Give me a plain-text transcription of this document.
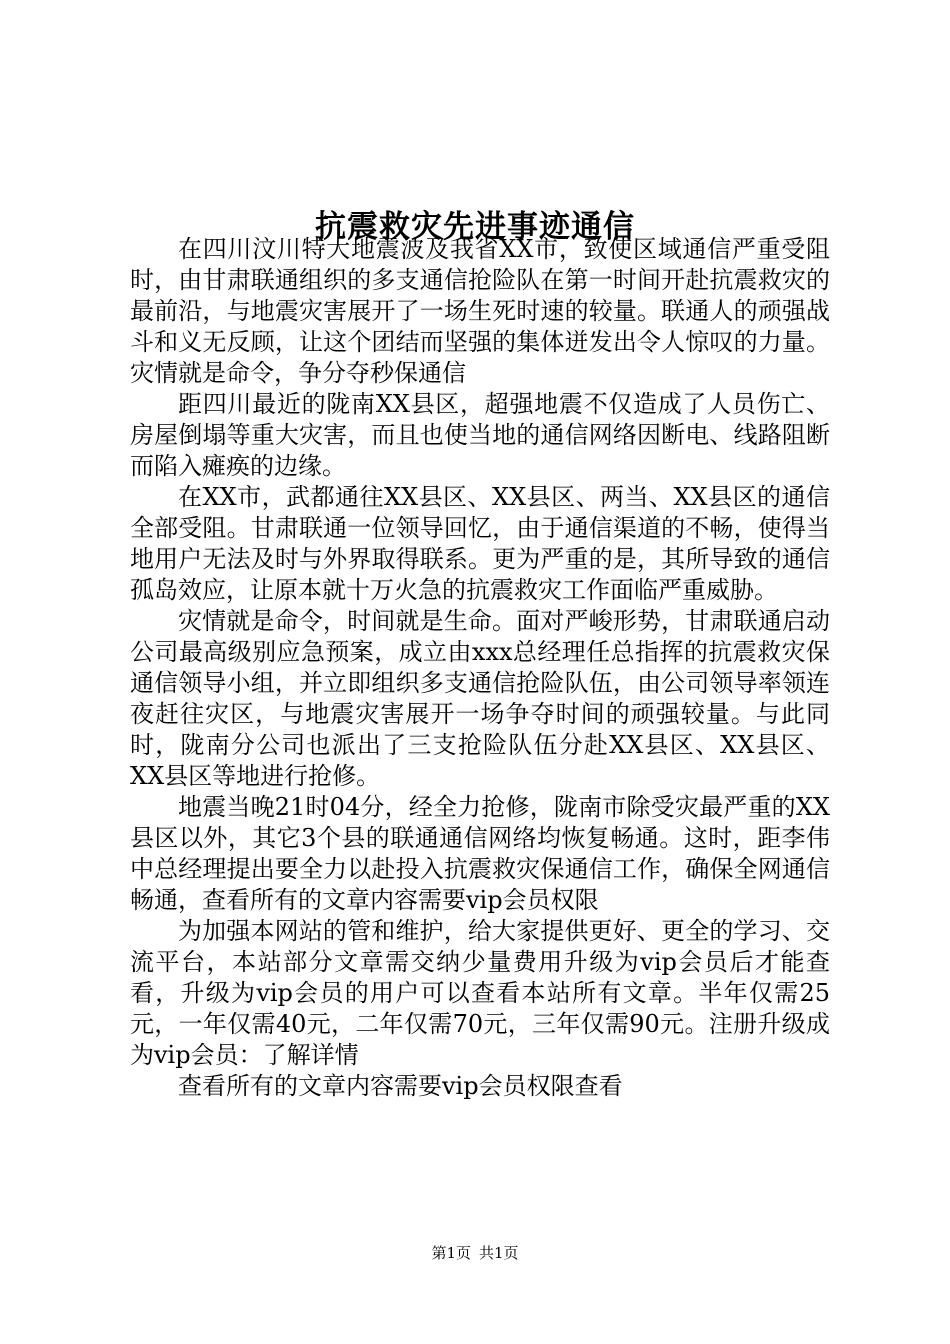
抗震救灾先进事迹通信

在四川汶川特大地震波及我省XX市，致使区域通信严重受阻时，由甘肃联通组织的多支通信抢险队在第一时间开赴抗震救灾的最前沿，与地震灾害展开了一场生死时速的较量。联通人的顽强战斗和义无反顾，让这个团结而坚强的集体迸发出令人惊叹的力量。灾情就是命令，争分夺秒保通信

距四川最近的陇南XX县区，超强地震不仅造成了人员伤亡、房屋倒塌等重大灾害，而且也使当地的通信网络因断电、线路阻断而陷入瘫痪的边缘。

在XX市，武都通往XX县区、XX县区、两当、XX县区的通信全部受阻。甘肃联通一位领导回忆，由于通信渠道的不畅，使得当地用户无法及时与外界取得联系。更为严重的是，其所导致的通信孤岛效应，让原本就十万火急的抗震救灾工作面临严重威胁。

灾情就是命令，时间就是生命。面对严峻形势，甘肃联通启动公司最高级别应急预案，成立由xxx总经理任总指挥的抗震救灾保通信领导小组，并立即组织多支通信抢险队伍，由公司领导率领连夜赶往灾区，与地震灾害展开一场争夺时间的顽强较量。与此同时，陇南分公司也派出了三支抢险队伍分赴XX县区、XX县区、XX县区等地进行抢修。

地震当晚21时04分，经全力抢修，陇南市除受灾最严重的XX县区以外，其它3个县的联通通信网络均恢复畅通。这时，距李伟中总经理提出要全力以赴投入抗震救灾保通信工作，确保全网通信畅通，查看所有的文章内容需要vip会员权限

为加强本网站的管和维护，给大家提供更好、更全的学习、交流平台，本站部分文章需交纳少量费用升级为vip会员后才能查看，升级为vip会员的用户可以查看本站所有文章。半年仅需25元，一年仅需40元，二年仅需70元，三年仅需90元。注册升级成为vip会员：了解详情

查看所有的文章内容需要vip会员权限查看

第1页 共1页
